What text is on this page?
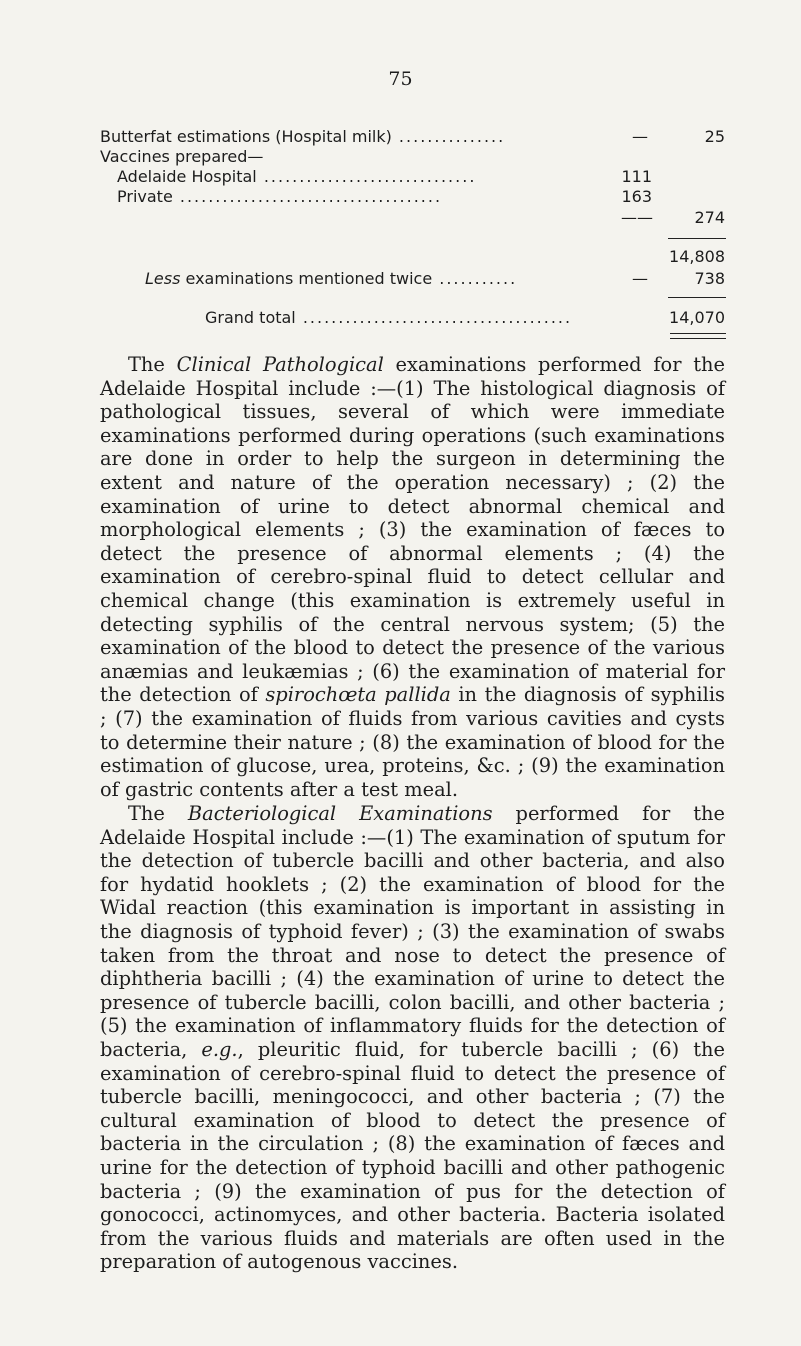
75
Butterfat estimations (Hospital milk) ...............	—	25
Vaccines prepared—
Adelaide Hospital ..............................	111
Private .....................................	163
——	274
14,808
Less examinations mentioned twice ...........	—	738
Grand total ......................................	14,070

The Clinical Pathological examinations performed for the Adelaide Hospital include :—(1) The histological diagnosis of pathological tissues, several of which were immediate examinations performed during operations (such examinations are done in order to help the surgeon in determining the extent and nature of the operation necessary) ; (2) the examination of urine to detect abnormal chemical and morphological elements ; (3) the examination of fæces to detect the presence of abnormal elements ; (4) the examination of cerebro-spinal fluid to detect cellular and chemical change (this examination is extremely useful in detecting syphilis of the central nervous system; (5) the examination of the blood to detect the presence of the various anæmias and leukæmias ; (6) the examination of material for the detection of spirochœta pallida in the diagnosis of syphilis ; (7) the examination of fluids from various cavities and cysts to determine their nature ; (8) the examination of blood for the estimation of glucose, urea, proteins, &c. ; (9) the examination of gastric contents after a test meal.

The Bacteriological Examinations performed for the Adelaide Hospital include :—(1) The examination of sputum for the detection of tubercle bacilli and other bacteria, and also for hydatid hooklets ; (2) the examination of blood for the Widal reaction (this examination is important in assisting in the diagnosis of typhoid fever) ; (3) the examination of swabs taken from the throat and nose to detect the presence of diphtheria bacilli ; (4) the examination of urine to detect the presence of tubercle bacilli, colon bacilli, and other bacteria ; (5) the examination of inflammatory fluids for the detection of bacteria, e.g., pleuritic fluid, for tubercle bacilli ; (6) the examination of cerebro-spinal fluid to detect the presence of tubercle bacilli, meningococci, and other bacteria ; (7) the cultural examination of blood to detect the presence of bacteria in the circulation ; (8) the examination of fæces and urine for the detection of typhoid bacilli and other pathogenic bacteria ; (9) the examination of pus for the detection of gonococci, actinomyces, and other bacteria. Bacteria isolated from the various fluids and materials are often used in the preparation of autogenous vaccines.
